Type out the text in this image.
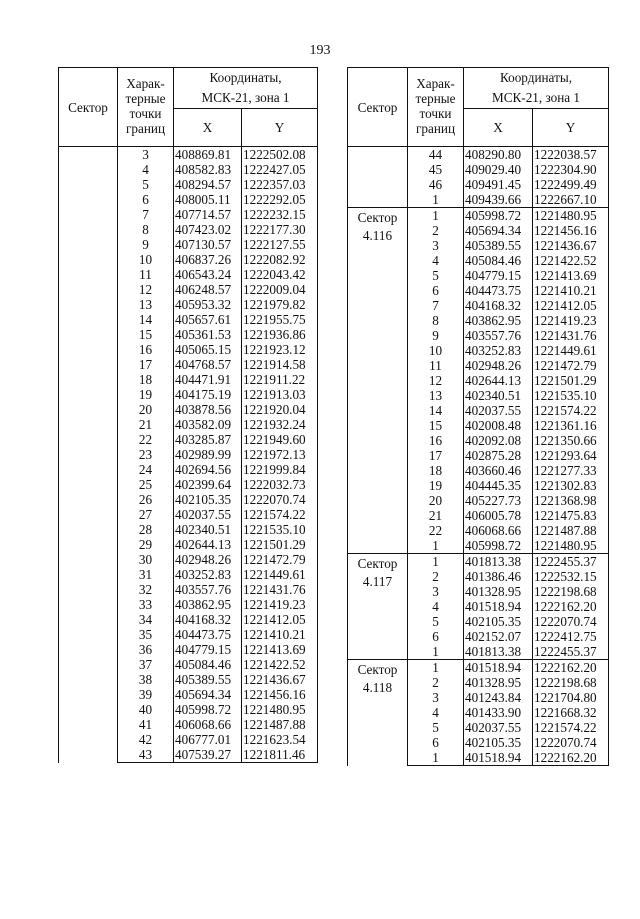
193
Сектор	Харак-
терные
точки
границ	Координаты,
МСК-21, зона 1	
		X	Y
	3	408869.81	1222502.08
	4	408582.83	1222427.05
	5	408294.57	1222357.03
	6	408005.11	1222292.05
	7	407714.57	1222232.15
	8	407423.02	1222177.30
	9	407130.57	1222127.55
	10	406837.26	1222082.92
	11	406543.24	1222043.42
	12	406248.57	1222009.04
	13	405953.32	1221979.82
	14	405657.61	1221955.75
	15	405361.53	1221936.86
	16	405065.15	1221923.12
	17	404768.57	1221914.58
	18	404471.91	1221911.22
	19	404175.19	1221913.03
	20	403878.56	1221920.04
	21	403582.09	1221932.24
	22	403285.87	1221949.60
	23	402989.99	1221972.13
	24	402694.56	1221999.84
	25	402399.64	1222032.73
	26	402105.35	1222070.74
	27	402037.55	1221574.22
	28	402340.51	1221535.10
	29	402644.13	1221501.29
	30	402948.26	1221472.79
	31	403252.83	1221449.61
	32	403557.76	1221431.76
	33	403862.95	1221419.23
	34	404168.32	1221412.05
	35	404473.75	1221410.21
	36	404779.15	1221413.69
	37	405084.46	1221422.52
	38	405389.55	1221436.67
	39	405694.34	1221456.16
	40	405998.72	1221480.95
	41	406068.66	1221487.88
	42	406777.01	1221623.54
	43	407539.27	1221811.46
Сектор	Харак-
терные
точки
границ	Координаты,
МСК-21, зона 1	
		X	Y
	44	408290.80	1222038.57
	45	409029.40	1222304.90
	46	409491.45	1222499.49
	1	409439.66	1222667.10

Сектор
4.116	1	405998.72	1221480.95
	2	405694.34	1221456.16
	3	405389.55	1221436.67
	4	405084.46	1221422.52
	5	404779.15	1221413.69
	6	404473.75	1221410.21
	7	404168.32	1221412.05
	8	403862.95	1221419.23
	9	403557.76	1221431.76
	10	403252.83	1221449.61
	11	402948.26	1221472.79
	12	402644.13	1221501.29
	13	402340.51	1221535.10
	14	402037.55	1221574.22
	15	402008.48	1221361.16
	16	402092.08	1221350.66
	17	402875.28	1221293.64
	18	403660.46	1221277.33
	19	404445.35	1221302.83
	20	405227.73	1221368.98
	21	406005.78	1221475.83
	22	406068.66	1221487.88
	1	405998.72	1221480.95

Сектор
4.117	1	401813.38	1222455.37
	2	401386.46	1222532.15
	3	401328.95	1222198.68
	4	401518.94	1222162.20
	5	402105.35	1222070.74
	6	402152.07	1222412.75
	1	401813.38	1222455.37

Сектор
4.118	1	401518.94	1222162.20
	2	401328.95	1222198.68
	3	401243.84	1221704.80
	4	401433.90	1221668.32
	5	402037.55	1221574.22
	6	402105.35	1222070.74
	1	401518.94	1222162.20
